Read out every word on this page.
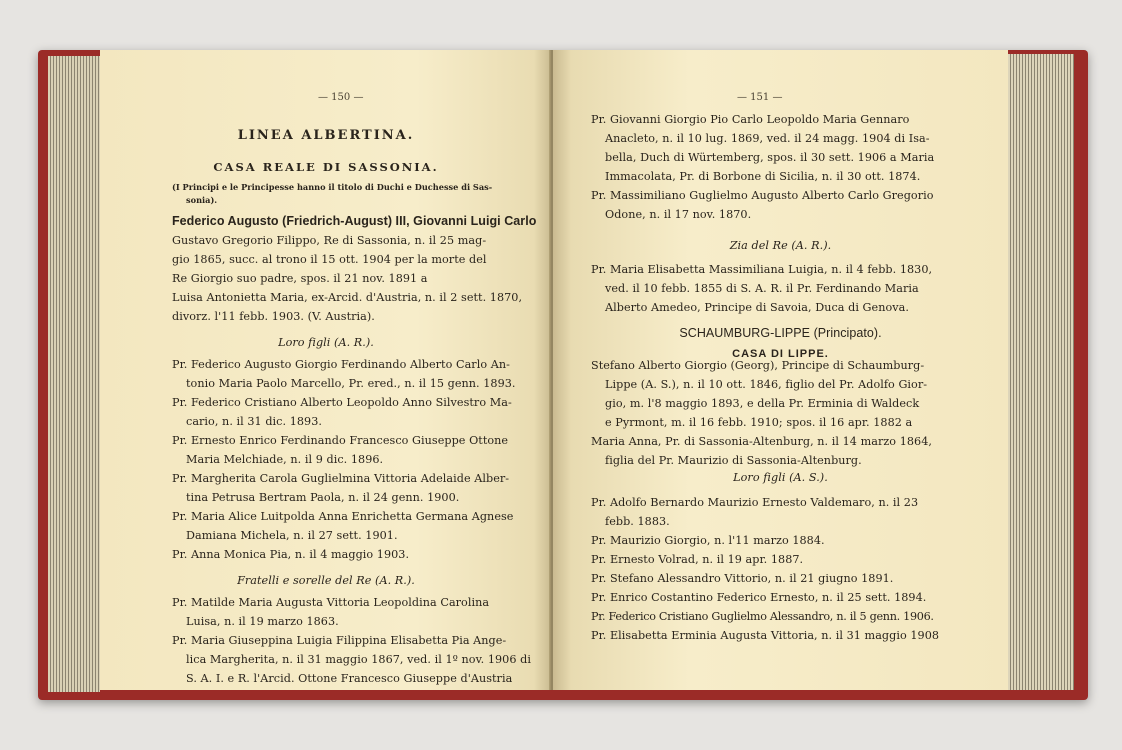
— 150 —
LINEA ALBERTINA.
CASA REALE DI SASSONIA.
(I Principi e le Principesse hanno il titolo di Duchi e Duchesse di Sas-
sonia).
Federico Augusto (Friedrich-August) III, Giovanni Luigi Carlo
Gustavo Gregorio Filippo, Re di Sassonia, n. il 25 mag-
gio 1865, succ. al trono il 15 ott. 1904 per la morte del
Re Giorgio suo padre, spos. il 21 nov. 1891 a
Luisa Antonietta Maria, ex-Arcid. d'Austria, n. il 2 sett. 1870,
divorz. l'11 febb. 1903. (V. Austria).
Loro figli (A. R.).
Pr. Federico Augusto Giorgio Ferdinando Alberto Carlo An-
tonio Maria Paolo Marcello, Pr. ered., n. il 15 genn. 1893.
Pr. Federico Cristiano Alberto Leopoldo Anno Silvestro Ma-
cario, n. il 31 dic. 1893.
Pr. Ernesto Enrico Ferdinando Francesco Giuseppe Ottone
Maria Melchiade, n. il 9 dic. 1896.
Pr. Margherita Carola Guglielmina Vittoria Adelaide Alber-
tina Petrusa Bertram Paola, n. il 24 genn. 1900.
Pr. Maria Alice Luitpolda Anna Enrichetta Germana Agnese
Damiana Michela, n. il 27 sett. 1901.
Pr. Anna Monica Pia, n. il 4 maggio 1903.
Fratelli e sorelle del Re (A. R.).
Pr. Matilde Maria Augusta Vittoria Leopoldina Carolina
Luisa, n. il 19 marzo 1863.
Pr. Maria Giuseppina Luigia Filippina Elisabetta Pia Ange-
lica Margherita, n. il 31 maggio 1867, ved. il 1º nov. 1906 di
S. A. I. e R. l'Arcid. Ottone Francesco Giuseppe d'Austria
— 151 —
Pr. Giovanni Giorgio Pio Carlo Leopoldo Maria Gennaro
Anacleto, n. il 10 lug. 1869, ved. il 24 magg. 1904 di Isa-
bella, Duch di Würtemberg, spos. il 30 sett. 1906 a Maria
Immacolata, Pr. di Borbone di Sicilia, n. il 30 ott. 1874.
Pr. Massimiliano Guglielmo Augusto Alberto Carlo Gregorio
Odone, n. il 17 nov. 1870.
Zia del Re (A. R.).
Pr. Maria Elisabetta Massimiliana Luigia, n. il 4 febb. 1830,
ved. il 10 febb. 1855 di S. A. R. il Pr. Ferdinando Maria
Alberto Amedeo, Principe di Savoia, Duca di Genova.
SCHAUMBURG-LIPPE (Principato).
CASA DI LIPPE.
Stefano Alberto Giorgio (Georg), Principe di Schaumburg-
Lippe (A. S.), n. il 10 ott. 1846, figlio del Pr. Adolfo Gior-
gio, m. l'8 maggio 1893, e della Pr. Erminia di Waldeck
e Pyrmont, m. il 16 febb. 1910; spos. il 16 apr. 1882 a
Maria Anna, Pr. di Sassonia-Altenburg, n. il 14 marzo 1864,
figlia del Pr. Maurizio di Sassonia-Altenburg.
Loro figli (A. S.).
Pr. Adolfo Bernardo Maurizio Ernesto Valdemaro, n. il 23
febb. 1883.
Pr. Maurizio Giorgio, n. l'11 marzo 1884.
Pr. Ernesto Volrad, n. il 19 apr. 1887.
Pr. Stefano Alessandro Vittorio, n. il 21 giugno 1891.
Pr. Enrico Costantino Federico Ernesto, n. il 25 sett. 1894.
Pr. Federico Cristiano Guglielmo Alessandro, n. il 5 genn. 1906.
Pr. Elisabetta Erminia Augusta Vittoria, n. il 31 maggio 1908
